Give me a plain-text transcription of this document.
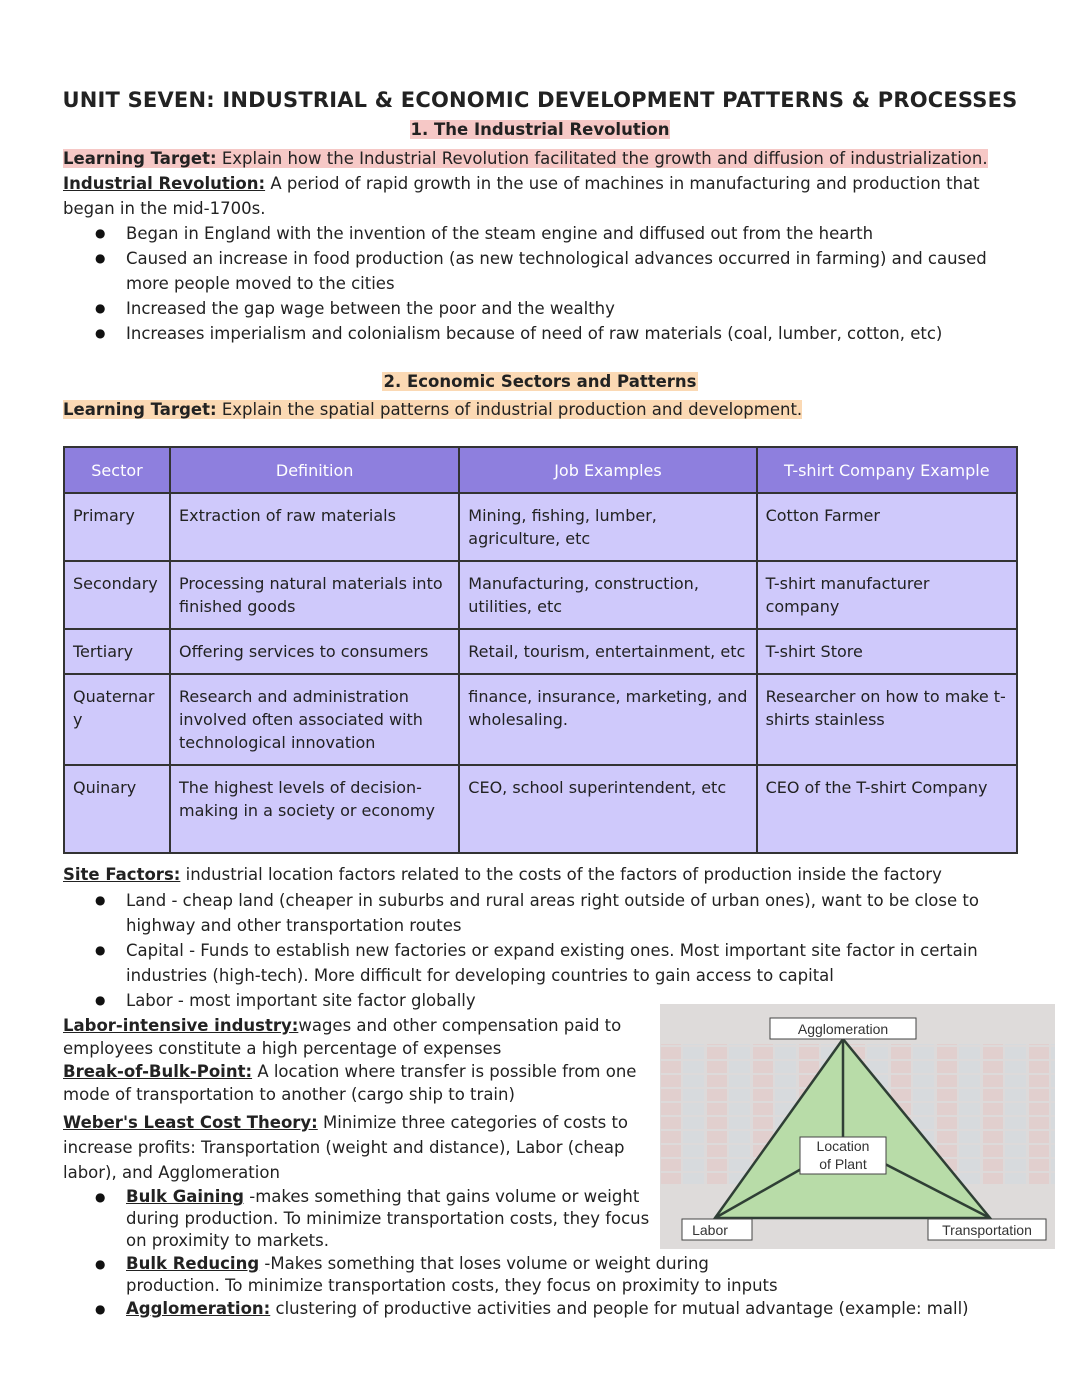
UNIT SEVEN: INDUSTRIAL & ECONOMIC DEVELOPMENT PATTERNS & PROCESSES
1. The Industrial Revolution
Learning Target: Explain how the Industrial Revolution facilitated the growth and diffusion of industrialization.
Industrial Revolution: A period of rapid growth in the use of machines in manufacturing and production that began in the mid-1700s.
● Began in England with the invention of the steam engine and diffused out from the hearth
● Caused an increase in food production (as new technological advances occurred in farming) and caused more people moved to the cities
● Increased the gap wage between the poor and the wealthy
● Increases imperialism and colonialism because of need of raw materials (coal, lumber, cotton, etc)
2. Economic Sectors and Patterns
Learning Target: Explain the spatial patterns of industrial production and development.
Sector	Definition	Job Examples	T-shirt Company Example
Primary	Extraction of raw materials	Mining, fishing, lumber, agriculture, etc	Cotton Farmer
Secondary	Processing natural materials into finished goods	Manufacturing, construction, utilities, etc	T-shirt manufacturer company
Tertiary	Offering services to consumers	Retail, tourism, entertainment, etc	T-shirt Store
Quaternary	Research and administration involved often associated with technological innovation	finance, insurance, marketing, and wholesaling.	Researcher on how to make t-shirts stainless
Quinary	The highest levels of decision-making in a society or economy	CEO, school superintendent, etc	CEO of the T-shirt Company
Site Factors: industrial location factors related to the costs of the factors of production inside the factory
● Land - cheap land (cheaper in suburbs and rural areas right outside of urban ones), want to be close to highway and other transportation routes
● Capital - Funds to establish new factories or expand existing ones. Most important site factor in certain industries (high-tech). More difficult for developing countries to gain access to capital
● Labor - most important site factor globally
Labor-intensive industry:wages and other compensation paid to employees constitute a high percentage of expenses
Break-of-Bulk-Point: A location where transfer is possible from one mode of transportation to another (cargo ship to train)
Weber's Least Cost Theory: Minimize three categories of costs to increase profits: Transportation (weight and distance), Labor (cheap labor), and Agglomeration
● Bulk Gaining -makes something that gains volume or weight during production. To minimize transportation costs, they focus on proximity to markets.
● Bulk Reducing -Makes something that loses volume or weight during production. To minimize transportation costs, they focus on proximity to inputs
● Agglomeration: clustering of productive activities and people for mutual advantage (example: mall)
Agglomeration
Location
of Plant
Labor	Transportation
